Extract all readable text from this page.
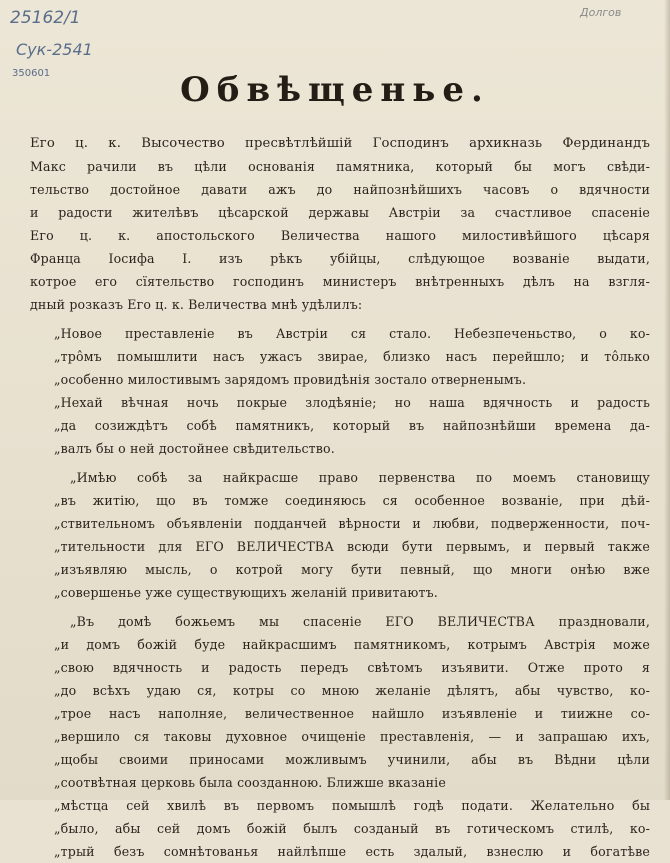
25162/1
Сук-2541
350601
Долгов
Обвѣщенье.
Его ц. к. Высочество пресвѣтлѣйшій Господинъ архикназь Фердинандъ
Макс рачили въ цѣли основанія памятника, который бы могъ свѣди-
тельство достойное давати ажъ до найпознѣйшихъ часовъ о вдячности
и радости жителѣвъ цѣсарской державы Австріи за счастливое спасеніе
Его ц. к. апостольского Величества нашого милостивѣйшого цѣсаря
Франца Іосифа І. изъ рѣкъ убійцы, слѣдующое возваніе выдати,
котрое его сїятельство господинъ министеръ внѣтренныхъ дѣлъ на взгля-
дный розказъ Его ц. к. Величества мнѣ удѣлилъ:
„Новое преставленіе въ Австріи ся стало. Небезпеченьство, о ко-
„трôмъ помышлити насъ ужасъ звирае, близко насъ перейшло; и тôлько
„особенно милостивымъ зарядомъ провидѣнія зостало отверненымъ.
„Нехай вѣчная ночь покрые злодѣяніе; но наша вдячность и радость
„да созиждѣтъ собѣ памятникъ, который въ найпознѣйши времена да-
„валъ бы о ней достойнее свѣдительство.
„Имѣю собѣ за найкрасше право первенства по моемъ становищу
„въ житію, що въ томже соединяюсь ся особенное возваніе, при дѣй-
„ствительномъ объявленіи подданчей вѣрности и любви, подверженности, поч-
„тительности для ЕГО ВЕЛИЧЕСТВА всюди бути первымъ, и первый также
„изъявляю мысль, о котрой могу бути певный, що многи онѣю вже
„совершенье ужe существующихъ желаній привитаютъ.
„Въ домѣ божьемъ мы спасеніе ЕГО ВЕЛИЧЕСТВА праздновали,
„и домъ божій буде найкрасшимъ памятникомъ, котрымъ Австрія може
„свою вдячность и радость передъ свѣтомъ изъявити. Отже прото я
„до всѣхъ удаю ся, котры со мною желаніе дѣлятъ, абы чувство, ко-
„трое насъ наполняе, величественное найшло изъявленіе и тиижне со-
„вершило ся таковы духовное очищеніе преставленія, — и запрашаю ихъ,
„щобы своими приносами можливымъ учинили, абы въ Вѣдни цѣли
„соотвѣтная церковь была соозданною. Ближше вказаніе
„мѣстца сей хвилѣ въ первомъ помышлѣ годѣ подати. Желательно бы
„было, абы сей домъ божій былъ созданый въ готическомъ стилѣ, ко-
„трый безъ сомнѣтованья найлѣпше есть здалый, взнеслю и богатѣве
